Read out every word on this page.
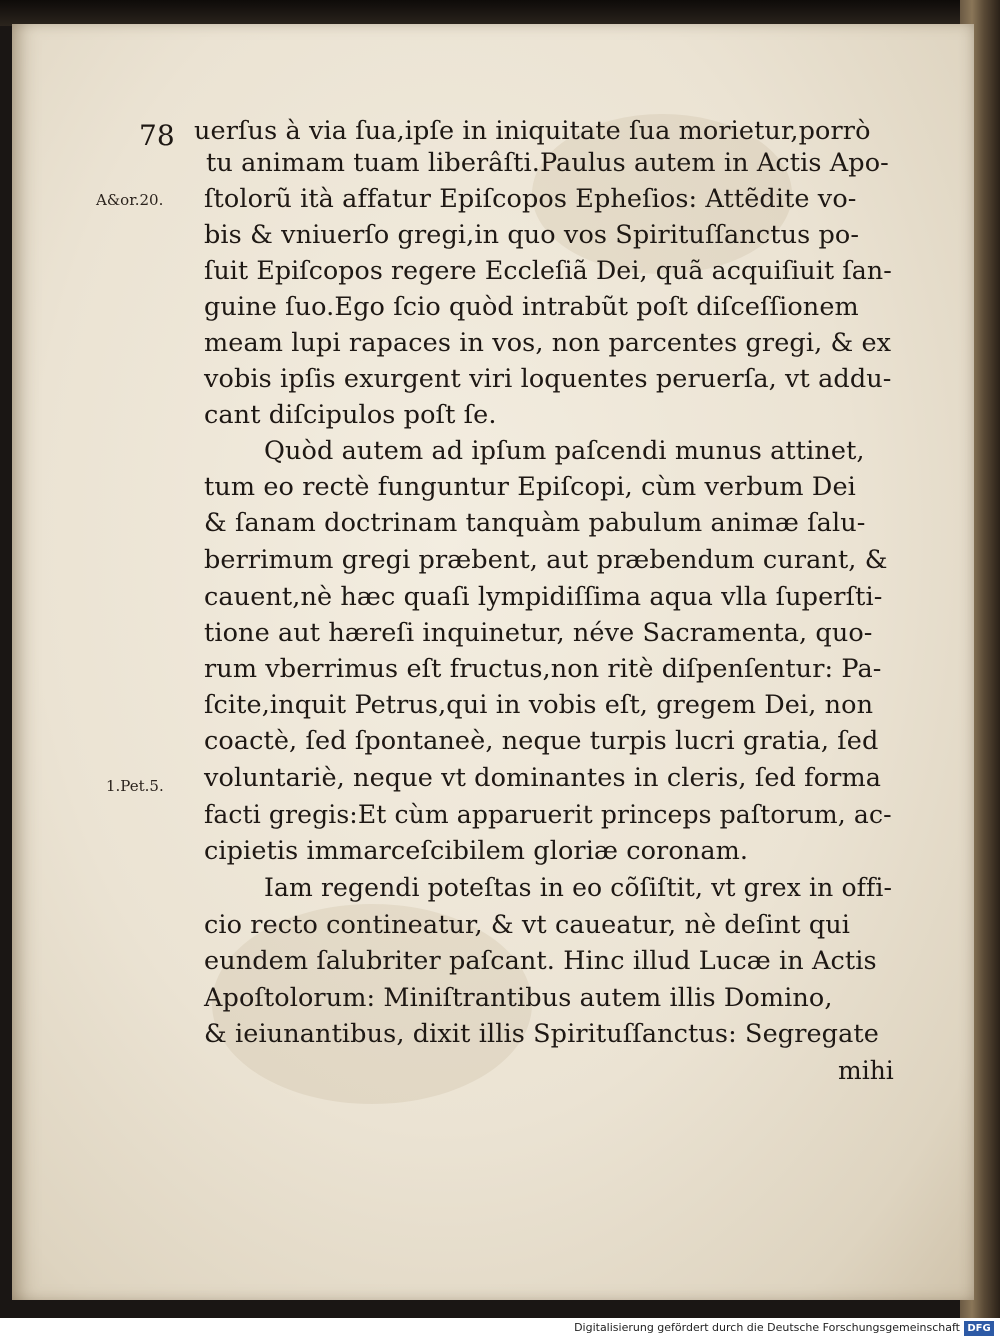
78
A&or.20.
1.Pet.5.
uerſus à via ſua,ipſe in iniquitate ſua morietur,porrò
tu animam tuam liberâſti.Paulus autem in Actis Apo-
ſtolorũ ità affatur Epiſcopos Epheſios: Attẽdite vo-
bis & vniuerſo gregi,in quo vos Spirituſſanctus po-
ſuit Epiſcopos regere Eccleſiã Dei, quã acquiſiuit ſan-
guine ſuo.Ego ſcio quòd intrabũt poſt diſceſſionem
meam lupi rapaces in vos, non parcentes gregi, & ex
vobis ipſis exurgent viri loquentes peruerſa, vt addu-
cant diſcipulos poſt ſe.
Quòd autem ad ipſum paſcendi munus attinet,
tum eo rectè funguntur Epiſcopi, cùm verbum Dei
& ſanam doctrinam tanquàm pabulum animæ ſalu-
berrimum gregi præbent, aut præbendum curant, &
cauent,nè hæc quaſi lympidiſſima aqua vlla ſuperſti-
tione aut hæreſi inquinetur, néve Sacramenta, quo-
rum vberrimus eſt fructus,non ritè diſpenſentur: Pa-
ſcite,inquit Petrus,qui in vobis eſt, gregem Dei, non
coactè, ſed ſpontaneè, neque turpis lucri gratia, ſed
voluntariè, neque vt dominantes in cleris, ſed forma
facti gregis:Et cùm apparuerit princeps paſtorum, ac-
cipietis immarceſcibilem gloriæ coronam.
Iam regendi poteſtas in eo cõſiſtit, vt grex in offi-
cio recto contineatur, & vt caueatur, nè deſint qui
eundem ſalubriter paſcant. Hinc illud Lucæ in Actis
Apoſtolorum: Miniſtrantibus autem illis Domino,
& ieiunantibus, dixit illis Spirituſſanctus: Segregate
mihi
Digitalisierung gefördert durch die Deutsche Forschungsgemeinschaft DFG
